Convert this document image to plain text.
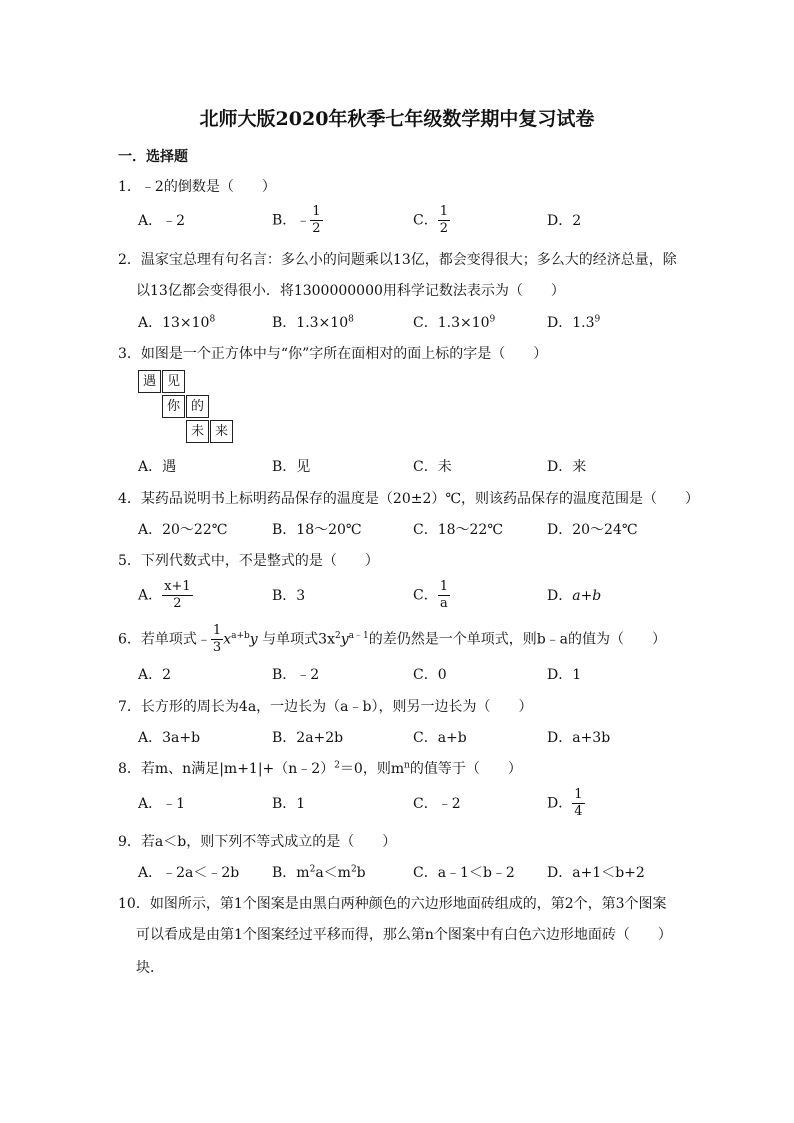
北师大版2020年秋季七年级数学期中复习试卷
一．选择题
1．﹣2的倒数是（　　）
A．﹣2	B．﹣ $\frac{1}{2}$	C． $\frac{1}{2}$	D．2
2．温家宝总理有句名言：多么小的问题乘以13亿，都会变得很大；多么大的经济总量，除
以13亿都会变得很小．将1300000000用科学记数法表示为（　　）
A．$13\times 10^8$	B．$1.3\times 10^8$	C．$1.3\times 10^9$	D．$1.3^9$
3．如图是一个正方体中与“你”字所在面相对的面上标的字是（　　）
遇 见
你 的
未 来
A．遇	B．见	C．未	D．来
4．某药品说明书上标明药品保存的温度是（20±2）℃，则该药品保存的温度范围是（　　）
A．20～22℃	B．18～20℃	C．18～22℃	D．20～24℃
5．下列代数式中，不是整式的是（　　）
A． $\frac{x+1}{2}$	B．3	C． $\frac{1}{a}$	D．a+b
6．若单项式﹣ $\frac{1}{3} x^{a+b}y$ 与单项式$3x^2y^{a﹣1}$的差仍然是一个单项式，则b﹣a的值为（　　）
A．2	B．﹣2	C．0	D．1
7．长方形的周长为4a，一边长为（a﹣b），则另一边长为（　　）
A．3a+b	B．2a+2b	C．a+b	D．a+3b
8．若m、n满足|m+1|+（n﹣2）$^2$＝0，则$m^n$的值等于（　　）
A．﹣1	B．1	C．﹣2	D． $\frac{1}{4}$
9．若a＜b，则下列不等式成立的是（　　）
A．﹣2a＜﹣2b B．$m^2a<m^2b$	C．a﹣1＜b﹣2 D．a+1＜b+2
10．如图所示，第1个图案是由黑白两种颜色的六边形地面砖组成的，第2个，第3个图案
可以看成是由第1个图案经过平移而得，那么第n个图案中有白色六边形地面砖（　　）
块．
